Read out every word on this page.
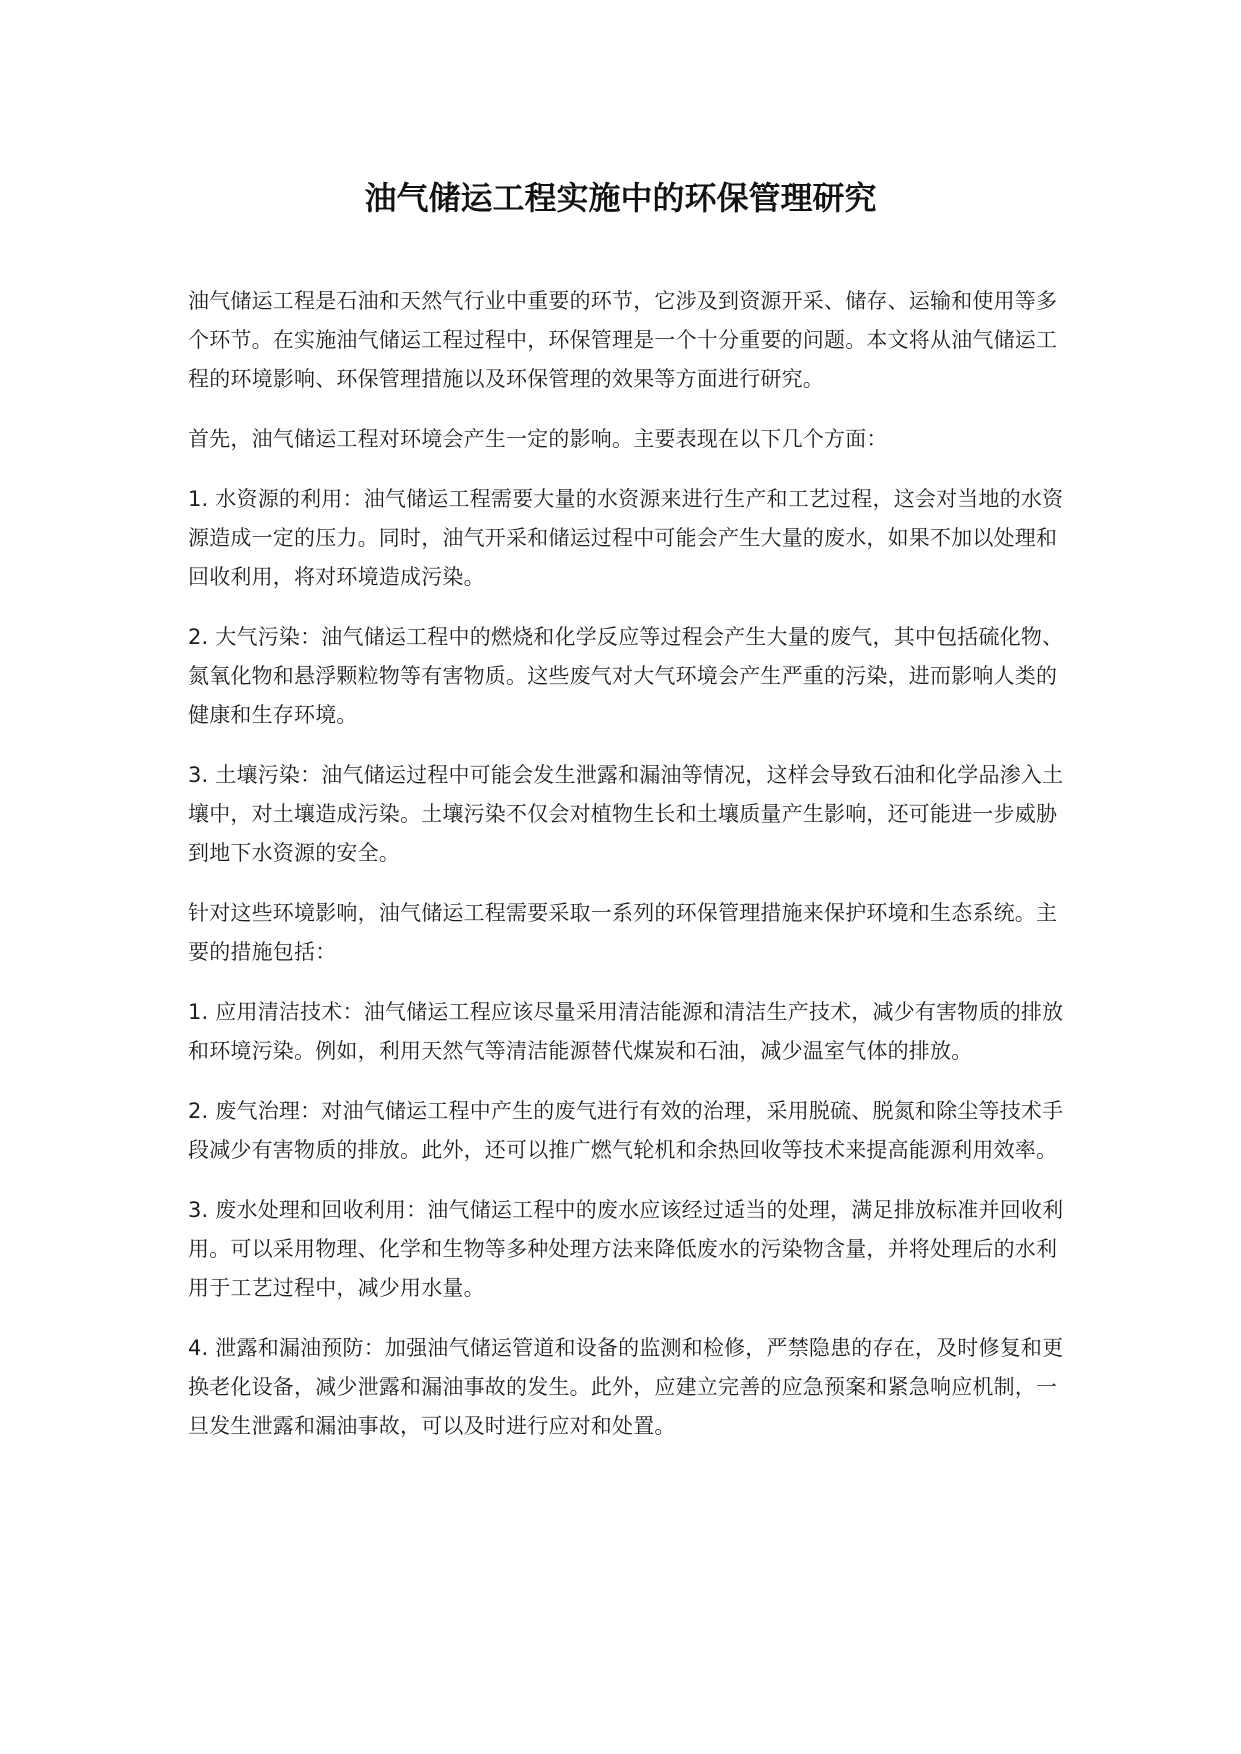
油气储运工程实施中的环保管理研究

油气储运工程是石油和天然气行业中重要的环节，它涉及到资源开采、储存、运输和使用等多个环节。在实施油气储运工程过程中，环保管理是一个十分重要的问题。本文将从油气储运工程的环境影响、环保管理措施以及环保管理的效果等方面进行研究。

首先，油气储运工程对环境会产生一定的影响。主要表现在以下几个方面：

1. 水资源的利用：油气储运工程需要大量的水资源来进行生产和工艺过程，这会对当地的水资源造成一定的压力。同时，油气开采和储运过程中可能会产生大量的废水，如果不加以处理和回收利用，将对环境造成污染。

2. 大气污染：油气储运工程中的燃烧和化学反应等过程会产生大量的废气，其中包括硫化物、氮氧化物和悬浮颗粒物等有害物质。这些废气对大气环境会产生严重的污染，进而影响人类的健康和生存环境。

3. 土壤污染：油气储运过程中可能会发生泄露和漏油等情况，这样会导致石油和化学品渗入土壤中，对土壤造成污染。土壤污染不仅会对植物生长和土壤质量产生影响，还可能进一步威胁到地下水资源的安全。

针对这些环境影响，油气储运工程需要采取一系列的环保管理措施来保护环境和生态系统。主要的措施包括：

1. 应用清洁技术：油气储运工程应该尽量采用清洁能源和清洁生产技术，减少有害物质的排放和环境污染。例如，利用天然气等清洁能源替代煤炭和石油，减少温室气体的排放。

2. 废气治理：对油气储运工程中产生的废气进行有效的治理，采用脱硫、脱氮和除尘等技术手段减少有害物质的排放。此外，还可以推广燃气轮机和余热回收等技术来提高能源利用效率。

3. 废水处理和回收利用：油气储运工程中的废水应该经过适当的处理，满足排放标准并回收利用。可以采用物理、化学和生物等多种处理方法来降低废水的污染物含量，并将处理后的水利用于工艺过程中，减少用水量。

4. 泄露和漏油预防：加强油气储运管道和设备的监测和检修，严禁隐患的存在，及时修复和更换老化设备，减少泄露和漏油事故的发生。此外，应建立完善的应急预案和紧急响应机制，一旦发生泄露和漏油事故，可以及时进行应对和处置。
